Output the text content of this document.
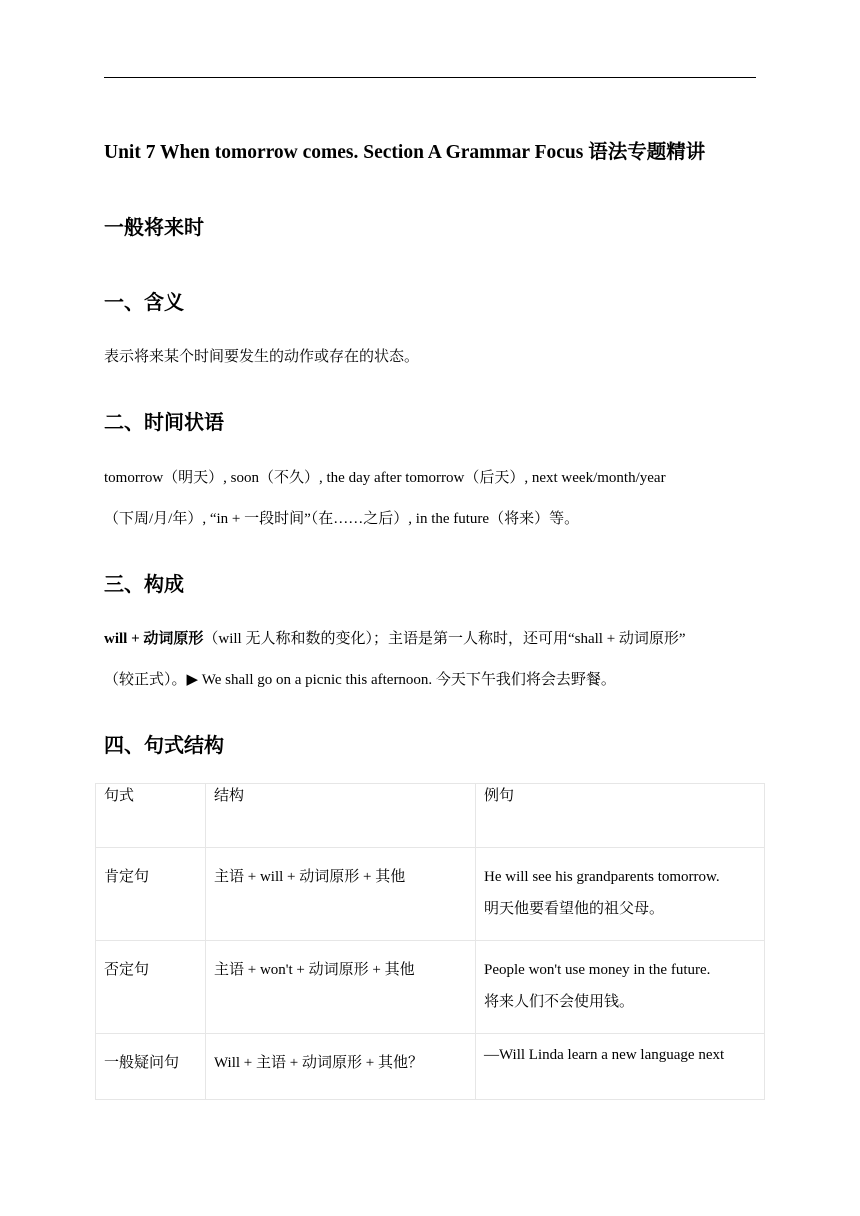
Unit 7 When tomorrow comes. Section A Grammar Focus 语法专题精讲
一般将来时
一、含义
表示将来某个时间要发生的动作或存在的状态。
二、时间状语
tomorrow（明天）, soon（不久）, the day after tomorrow（后天）, next week/month/year
（下周/月/年）, “in + 一段时间”（在……之后）, in the future（将来）等。
三、构成
will + 动词原形（will 无人称和数的变化）；主语是第一人称时，还可用“shall + 动词原形”
（较正式）。▶ We shall go on a picnic this afternoon. 今天下午我们将会去野餐。
四、句式结构
句式	结构	例句
肯定句	主语 + will + 动词原形 + 其他	He will see his grandparents tomorrow.
明天他要看望他的祖父母。

否定句	主语 + won't + 动词原形 + 其他	People won't use money in the future.
将来人们不会使用钱。

一般疑问句	Will + 主语 + 动词原形 + 其他？	—Will Linda learn a new language next
